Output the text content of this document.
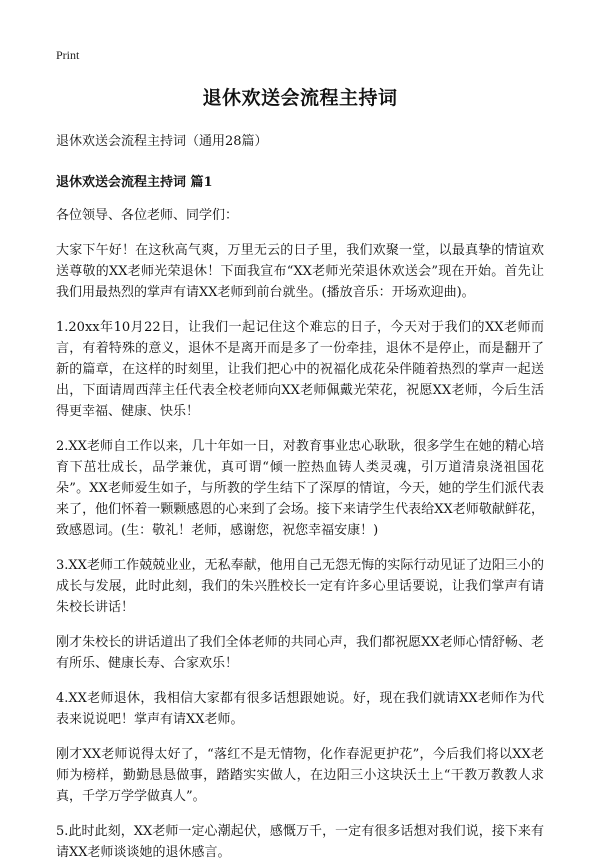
Print
退休欢送会流程主持词
退休欢送会流程主持词（通用28篇）
退休欢送会流程主持词 篇1

各位领导、各位老师、同学们：

大家下午好！在这秋高气爽，万里无云的日子里，我们欢聚一堂，以最真挚的情谊欢送尊敬的XX老师光荣退休！下面我宣布“XX老师光荣退休欢送会”现在开始。首先让我们用最热烈的掌声有请XX老师到前台就坐。(播放音乐：开场欢迎曲)。

1.20xx年10月22日，让我们一起记住这个难忘的日子，今天对于我们的XX老师而言，有着特殊的意义，退休不是离开而是多了一份牵挂，退休不是停止，而是翻开了新的篇章，在这样的时刻里，让我们把心中的祝福化成花朵伴随着热烈的掌声一起送出，下面请周西萍主任代表全校老师向XX老师佩戴光荣花，祝愿XX老师，今后生活得更幸福、健康、快乐！

2.XX老师自工作以来，几十年如一日，对教育事业忠心耿耿，很多学生在她的精心培育下茁壮成长，品学兼优，真可谓“倾一腔热血铸人类灵魂，引万道清泉浇祖国花朵”。XX老师爱生如子，与所教的学生结下了深厚的情谊，今天，她的学生们派代表来了，他们怀着一颗颗感恩的心来到了会场。接下来请学生代表给XX老师敬献鲜花，致感恩词。(生：敬礼！老师，感谢您，祝您幸福安康！)

3.XX老师工作兢兢业业，无私奉献，他用自己无怨无悔的实际行动见证了边阳三小的成长与发展，此时此刻，我们的朱兴胜校长一定有许多心里话要说，让我们掌声有请朱校长讲话！

刚才朱校长的讲话道出了我们全体老师的共同心声，我们都祝愿XX老师心情舒畅、老有所乐、健康长寿、合家欢乐！

4.XX老师退休，我相信大家都有很多话想跟她说。好，现在我们就请XX老师作为代表来说说吧！掌声有请XX老师。

刚才XX老师说得太好了，“落红不是无情物，化作春泥更护花”，今后我们将以XX老师为榜样，勤勤恳恳做事，踏踏实实做人，在边阳三小这块沃土上“干教万教教人求真，千学万学学做真人”。

5.此时此刻，XX老师一定心潮起伏，感慨万千，一定有很多话想对我们说，接下来有请XX老师谈谈她的退休感言。
